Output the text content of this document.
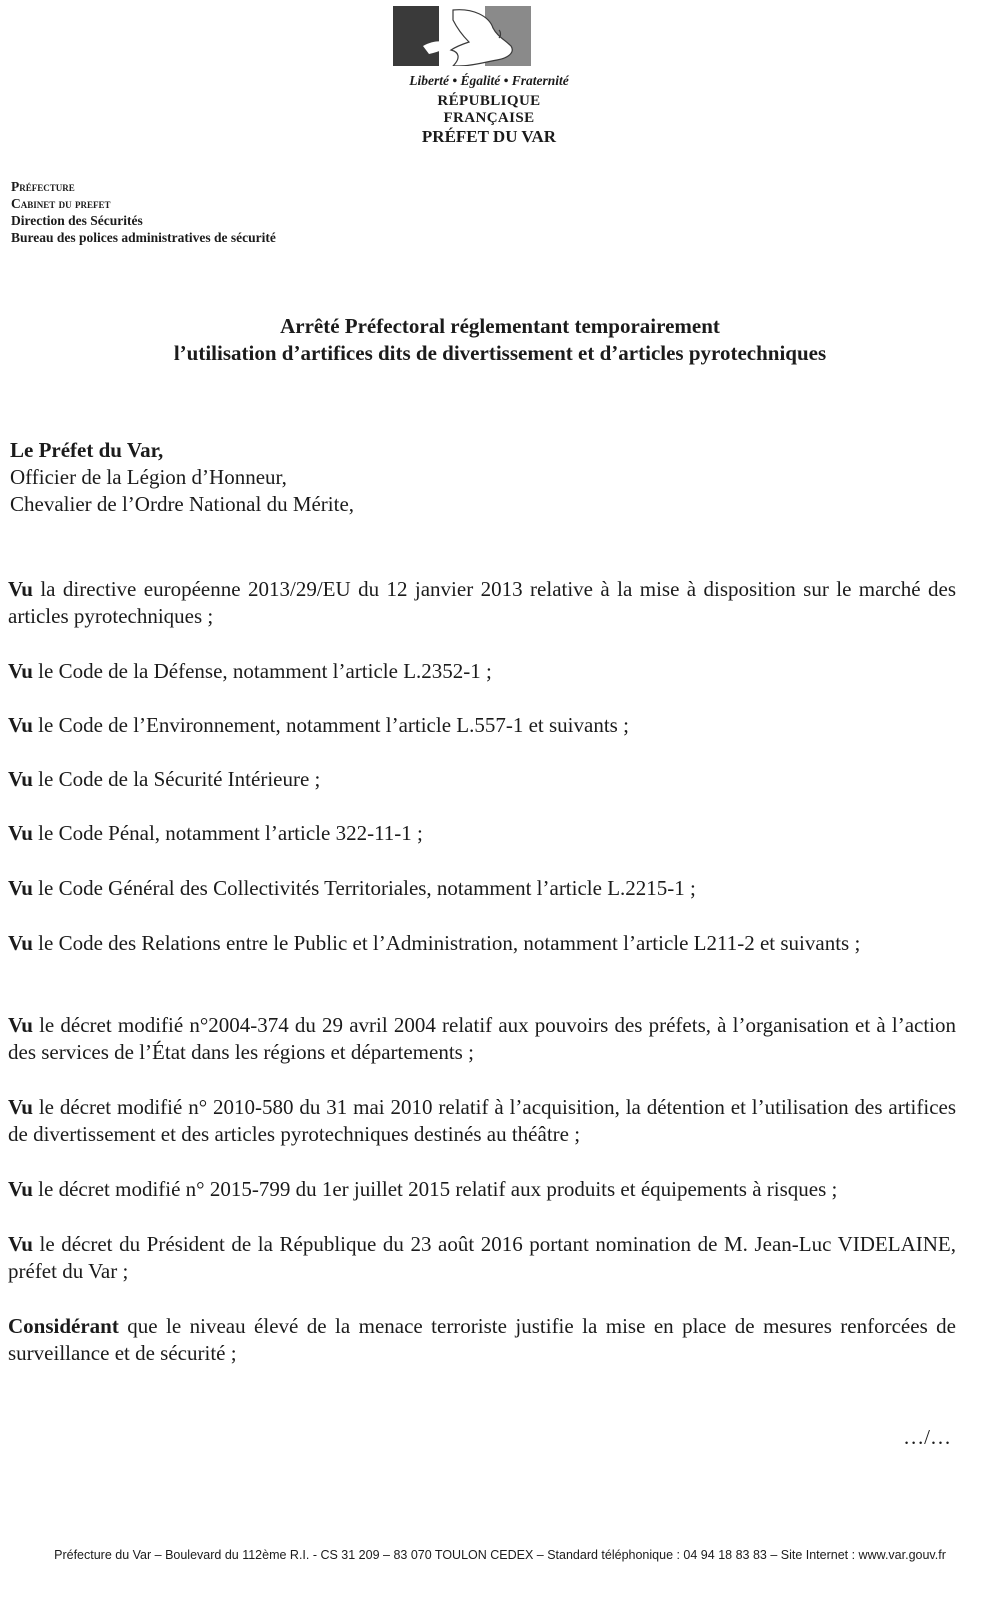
Liberté • Égalité • Fraternité
RÉPUBLIQUE FRANÇAISE
PRÉFET DU VAR
Préfecture
Cabinet du prefet
Direction des Sécurités
Bureau des polices administratives de sécurité
Arrêté Préfectoral réglementant temporairement
l’utilisation d’artifices dits de divertissement et d’articles pyrotechniques
Le Préfet du Var,
Officier de la Légion d’Honneur,
Chevalier de l’Ordre National du Mérite,

Vu la directive européenne 2013/29/EU du 12 janvier 2013 relative à la mise à disposition sur le marché des articles pyrotechniques ;

Vu le Code de la Défense, notamment l’article L.2352-1 ;

Vu le Code de l’Environnement, notamment l’article L.557-1 et suivants ;

Vu le Code de la Sécurité Intérieure ;

Vu le Code Pénal, notamment l’article 322-11-1 ;

Vu le Code Général des Collectivités Territoriales, notamment l’article L.2215-1 ;

Vu le Code des Relations entre le Public et l’Administration, notamment l’article L211-2 et suivants ;

Vu le décret modifié n°2004-374 du 29 avril 2004 relatif aux pouvoirs des préfets, à l’organisation et à l’action des services de l’État dans les régions et départements ;

Vu le décret modifié n° 2010-580 du 31 mai 2010 relatif à l’acquisition, la détention et l’utilisation des artifices de divertissement et des articles pyrotechniques destinés au théâtre ;

Vu le décret modifié n° 2015-799 du 1er juillet 2015 relatif aux produits et équipements à risques ;

Vu le décret du Président de la République du 23 août 2016 portant nomination de M. Jean-Luc VIDELAINE, préfet du Var ;

Considérant que le niveau élevé de la menace terroriste justifie la mise en place de mesures renforcées de surveillance et de sécurité ;

…/…
Préfecture du Var – Boulevard du 112ème R.I. - CS 31 209 – 83 070 TOULON CEDEX – Standard téléphonique : 04 94 18 83 83 – Site Internet : www.var.gouv.fr
